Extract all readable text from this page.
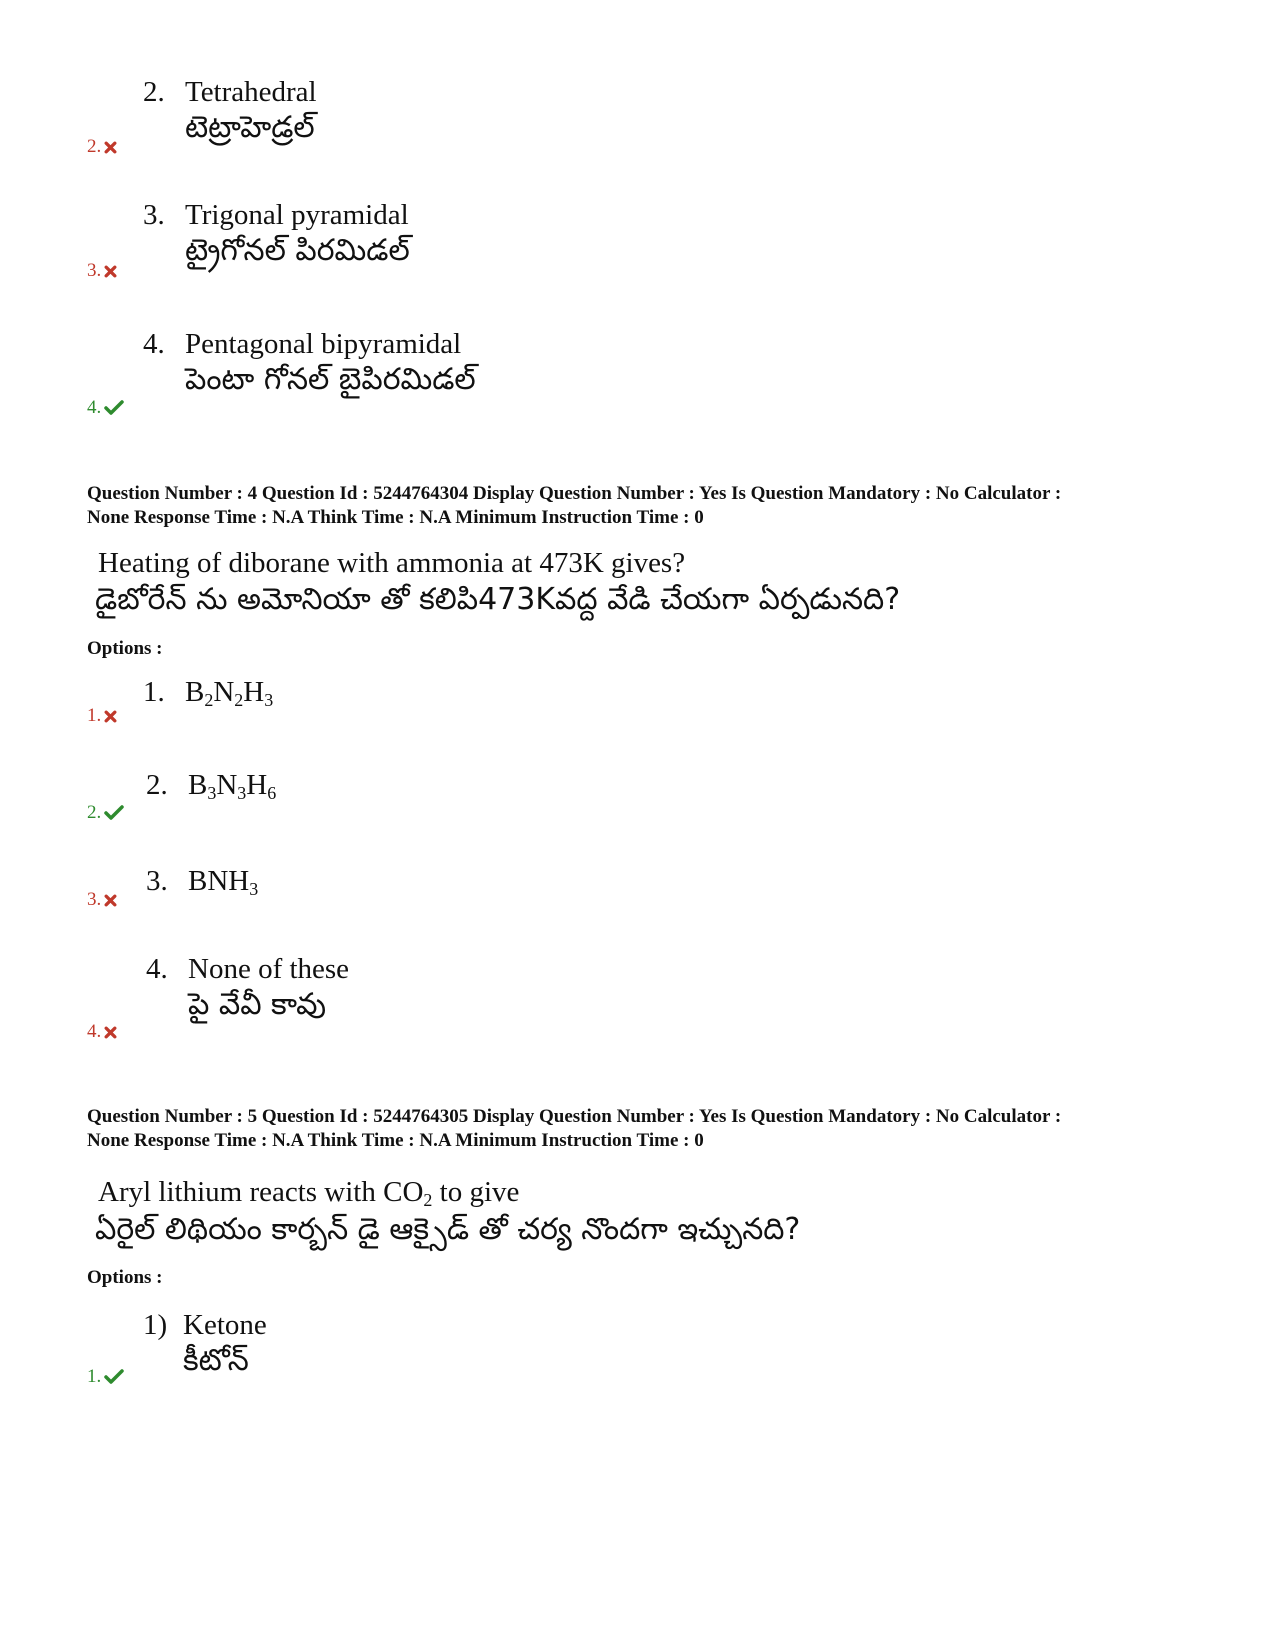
2. Tetrahedral
టెట్రాహెడ్రల్
2.
3. Trigonal pyramidal
ట్రైగోనల్ పిరమిడల్
3.
4. Pentagonal bipyramidal
పెంటా గోనల్ బైపిరమిడల్
4.
Question Number : 4 Question Id : 5244764304 Display Question Number : Yes Is Question Mandatory : No Calculator :
None Response Time : N.A Think Time : N.A Minimum Instruction Time : 0
Heating of diborane with ammonia at 473K gives?
డైబోరేన్ ను అమోనియా తో కలిపి473Kవద్ద వేడి చేయగా ఏర్పడునది?
Options :
1. $B_2N_2H_3$
1.
2. $B_3N_3H_6$
2.
3. $BNH_3$
3.
4. None of these
పై వేవీ కావు
4.
Question Number : 5 Question Id : 5244764305 Display Question Number : Yes Is Question Mandatory : No Calculator :
None Response Time : N.A Think Time : N.A Minimum Instruction Time : 0
Aryl lithium reacts with $CO_2$ to give
ఏరైల్ లిథియం కార్బన్ డై ఆక్సైడ్ తో చర్య నొందగా ఇచ్చునది?
Options :
1) Ketone
కీటోన్
1.
